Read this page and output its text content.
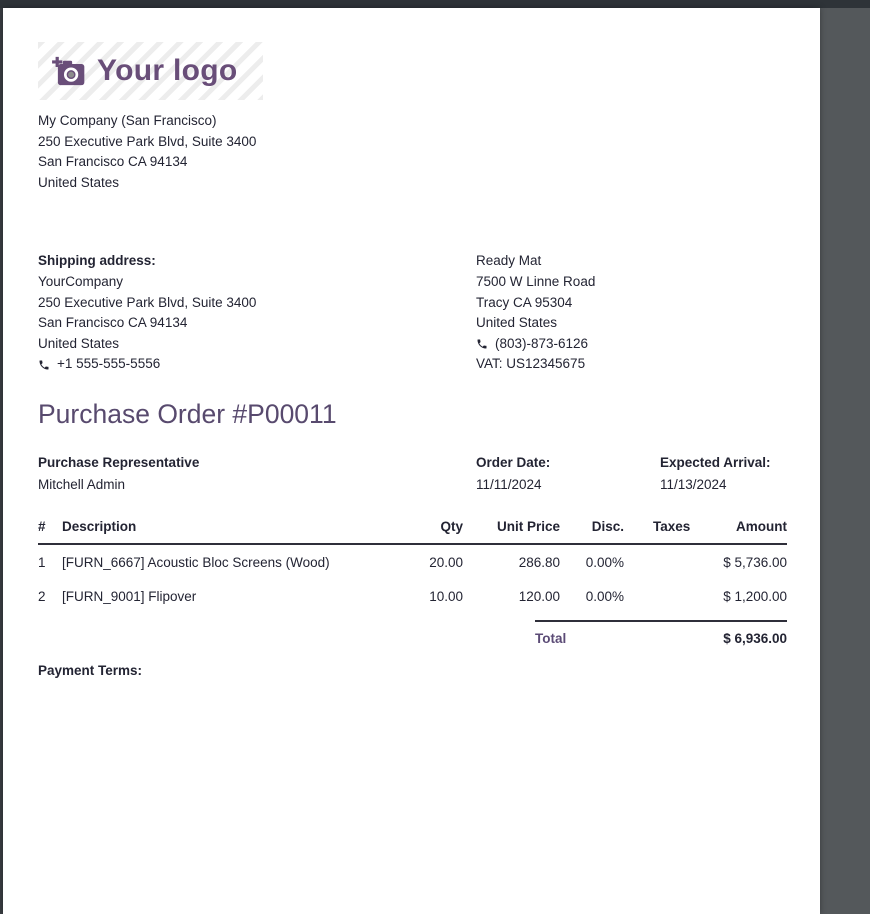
Your logo
My Company (San Francisco)
250 Executive Park Blvd, Suite 3400
San Francisco CA 94134
United States
Shipping address:
YourCompany
250 Executive Park Blvd, Suite 3400
San Francisco CA 94134
United States
+1 555-555-5556
Ready Mat
7500 W Linne Road
Tracy CA 95304
United States
(803)-873-6126
VAT: US12345675
Purchase Order #P00011
Purchase Representative
Mitchell Admin
Order Date:
11/11/2024
Expected Arrival:
11/13/2024
#	Description	Qty	Unit Price	Disc.	Taxes	Amount
1	[FURN_6667] Acoustic Bloc Screens (Wood)	20.00	286.80	0.00%		$ 5,736.00
2	[FURN_9001] Flipover	10.00	120.00	0.00%		$ 1,200.00
Total	$ 6,936.00
Payment Terms:
